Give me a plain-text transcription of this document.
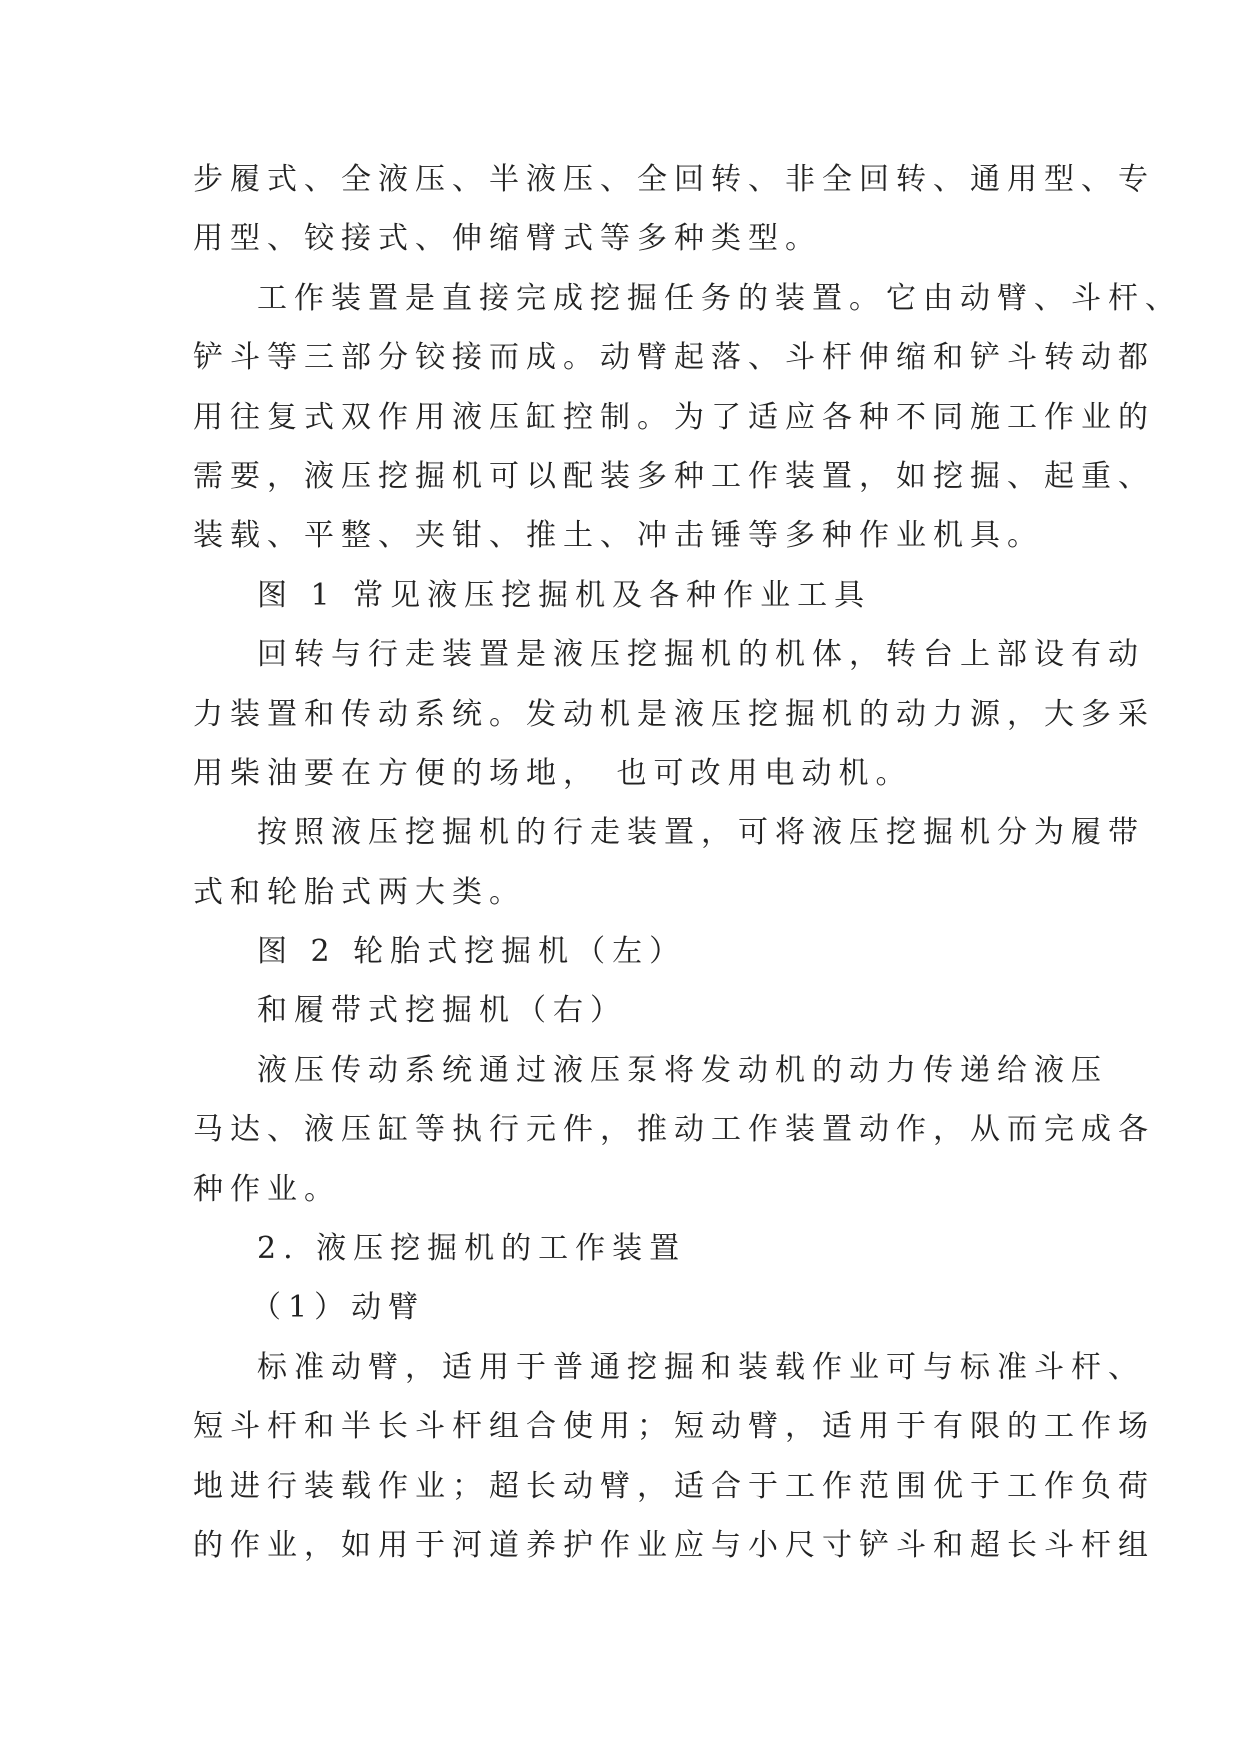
步履式、全液压、半液压、全回转、非全回转、通用型、专
用型、铰接式、伸缩臂式等多种类型。
工作装置是直接完成挖掘任务的装置。它由动臂、斗杆、
铲斗等三部分铰接而成。动臂起落、斗杆伸缩和铲斗转动都
用往复式双作用液压缸控制。为了适应各种不同施工作业的
需要，液压挖掘机可以配装多种工作装置，如挖掘、起重、
装载、平整、夹钳、推土、冲击锤等多种作业机具。
图 1 常见液压挖掘机及各种作业工具
回转与行走装置是液压挖掘机的机体，转台上部设有动
力装置和传动系统。发动机是液压挖掘机的动力源，大多采
用柴油要在方便的场地， 也可改用电动机。
按照液压挖掘机的行走装置，可将液压挖掘机分为履带
式和轮胎式两大类。
图 2 轮胎式挖掘机（左）
和履带式挖掘机（右）
液压传动系统通过液压泵将发动机的动力传递给液压
马达、液压缸等执行元件，推动工作装置动作，从而完成各
种作业。
2. 液压挖掘机的工作装置
（1）动臂
标准动臂，适用于普通挖掘和装载作业可与标准斗杆、
短斗杆和半长斗杆组合使用；短动臂，适用于有限的工作场
地进行装载作业；超长动臂，适合于工作范围优于工作负荷
的作业，如用于河道养护作业应与小尺寸铲斗和超长斗杆组
